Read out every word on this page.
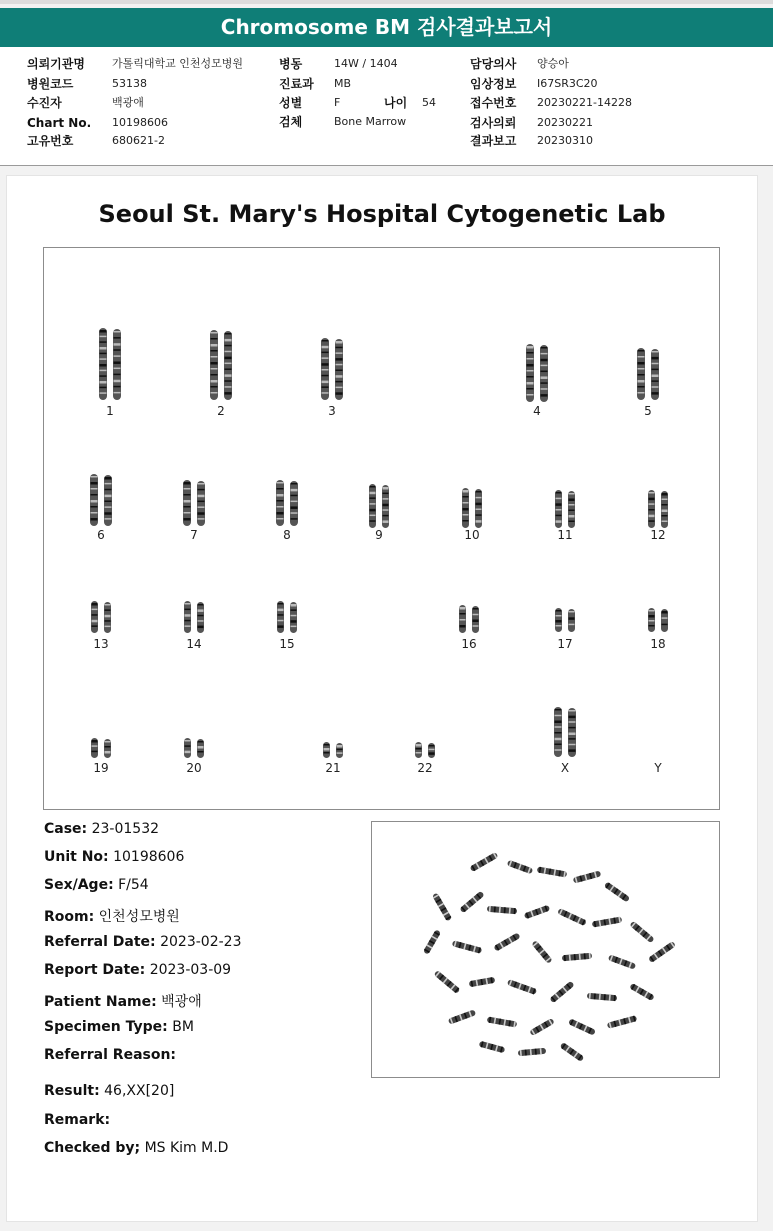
Chromosome BM 검사결과보고서
의뢰기관명 가톨릭대학교 인천성모병원
병원코드	53138
수진자	백광애
Chart No. 10198606
고유번호	680621-2
병동	14W / 1404
진료과 MB
성별	F	나이 54
검체	Bone Marrow
담당의사 양승아
임상정보 I67SR3C20
접수번호 20230221-14228
검사의뢰 20230221
결과보고 20230310
Seoul St. Mary's Hospital Cytogenetic Lab
1	2	3	4	5
6	7	8	9	10	11	12
13	14	15	16	17	18
19	20	21	22	X	Y
Case: 23-01532
Unit No: 10198606
Sex/Age: F/54
Room: 인천성모병원
Referral Date: 2023-02-23
Report Date: 2023-03-09
Patient Name: 백광애
Specimen Type: BM
Referral Reason:
Result: 46,XX[20]
Remark:
Checked by; MS Kim M.D
